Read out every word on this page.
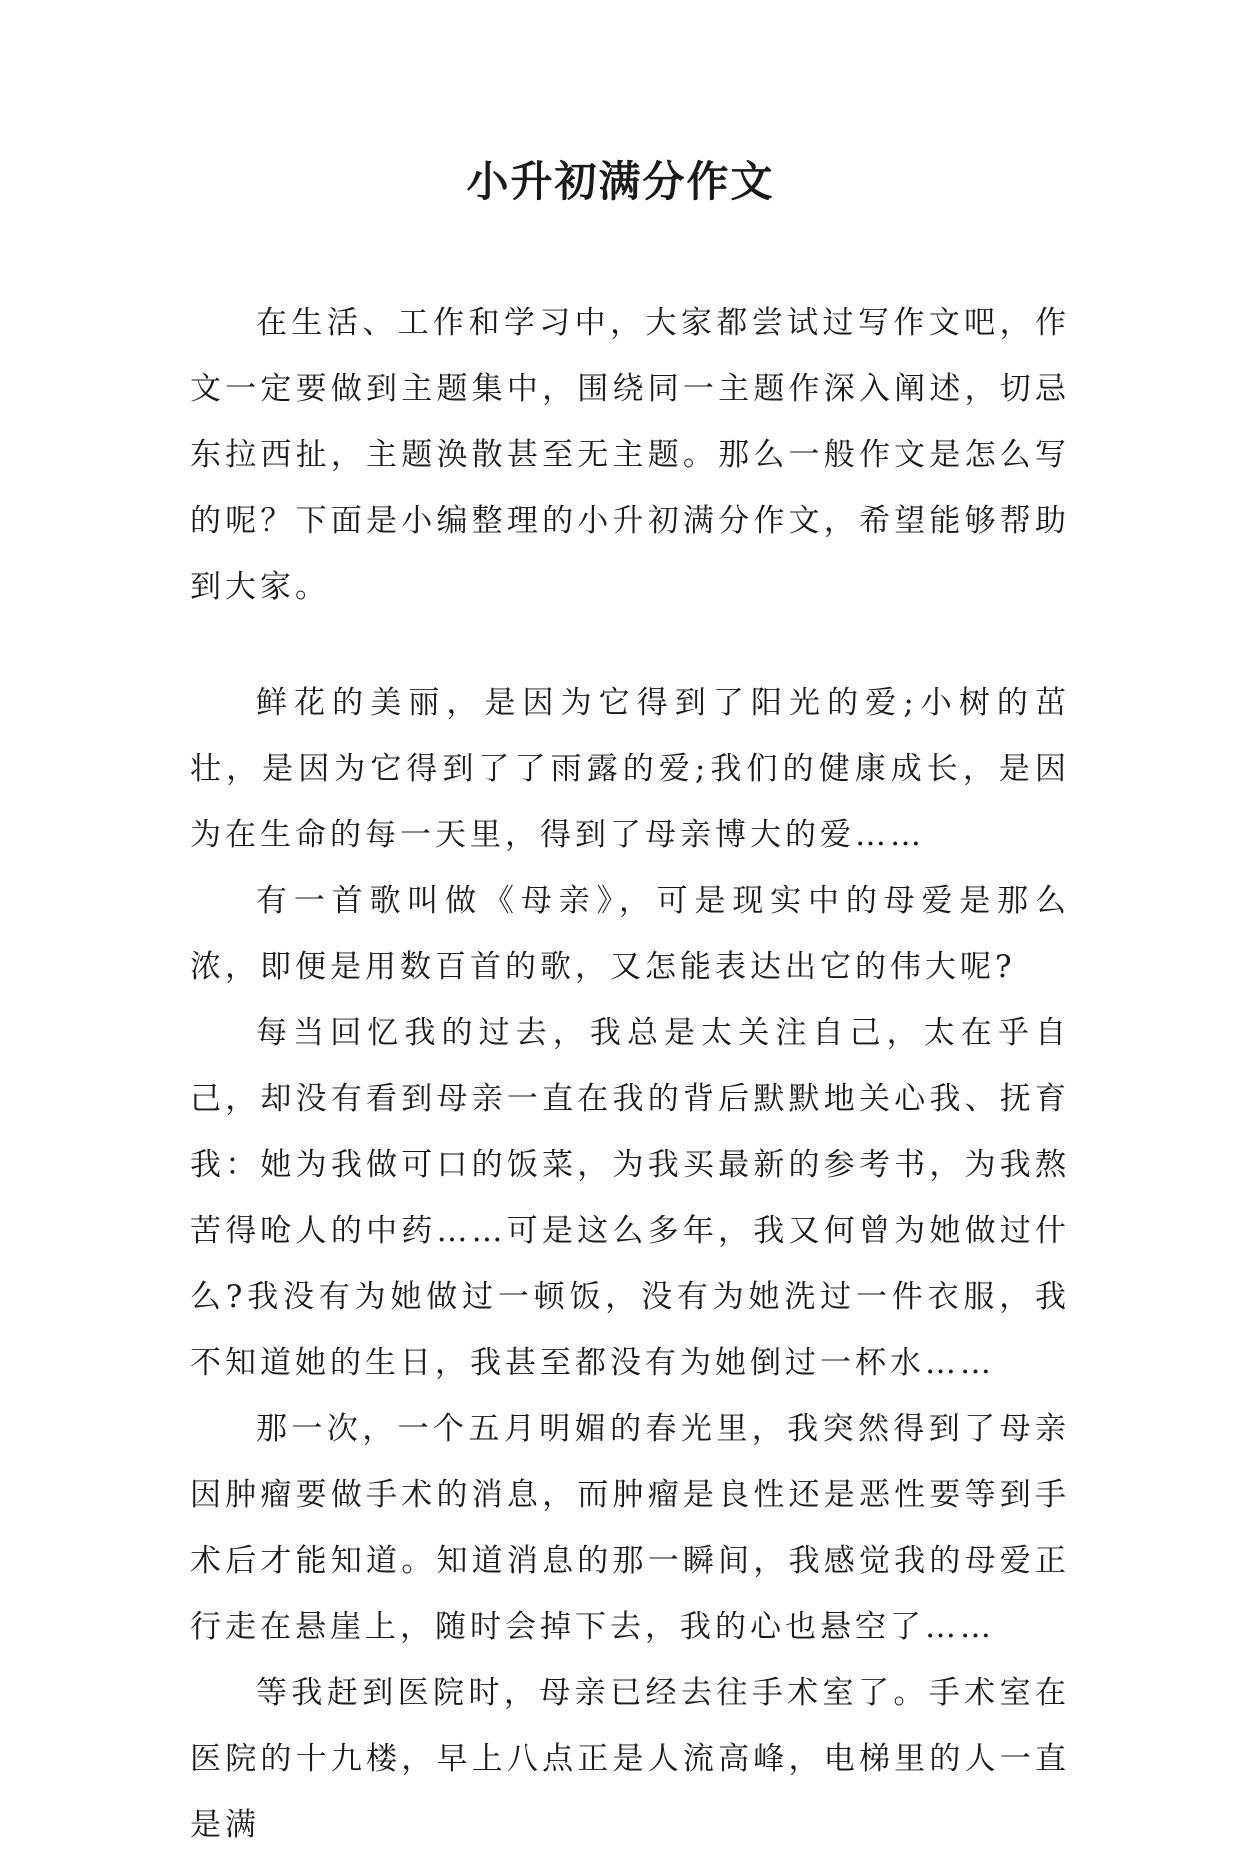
小升初满分作文

在生活、工作和学习中，大家都尝试过写作文吧，作文一定要做到主题集中，围绕同一主题作深入阐述，切忌东拉西扯，主题涣散甚至无主题。那么一般作文是怎么写的呢？下面是小编整理的小升初满分作文，希望能够帮助到大家。

鲜花的美丽，是因为它得到了阳光的爱;小树的茁壮，是因为它得到了了雨露的爱;我们的健康成长，是因为在生命的每一天里，得到了母亲博大的爱……

有一首歌叫做《母亲》，可是现实中的母爱是那么浓，即便是用数百首的歌，又怎能表达出它的伟大呢?

每当回忆我的过去，我总是太关注自己，太在乎自己，却没有看到母亲一直在我的背后默默地关心我、抚育我：她为我做可口的饭菜，为我买最新的参考书，为我熬苦得呛人的中药……可是这么多年，我又何曾为她做过什么?我没有为她做过一顿饭，没有为她洗过一件衣服，我不知道她的生日，我甚至都没有为她倒过一杯水……

那一次，一个五月明媚的春光里，我突然得到了母亲因肿瘤要做手术的消息，而肿瘤是良性还是恶性要等到手术后才能知道。知道消息的那一瞬间，我感觉我的母爱正行走在悬崖上，随时会掉下去，我的心也悬空了……

等我赶到医院时，母亲已经去往手术室了。手术室在医院的十九楼，早上八点正是人流高峰，电梯里的人一直是满
